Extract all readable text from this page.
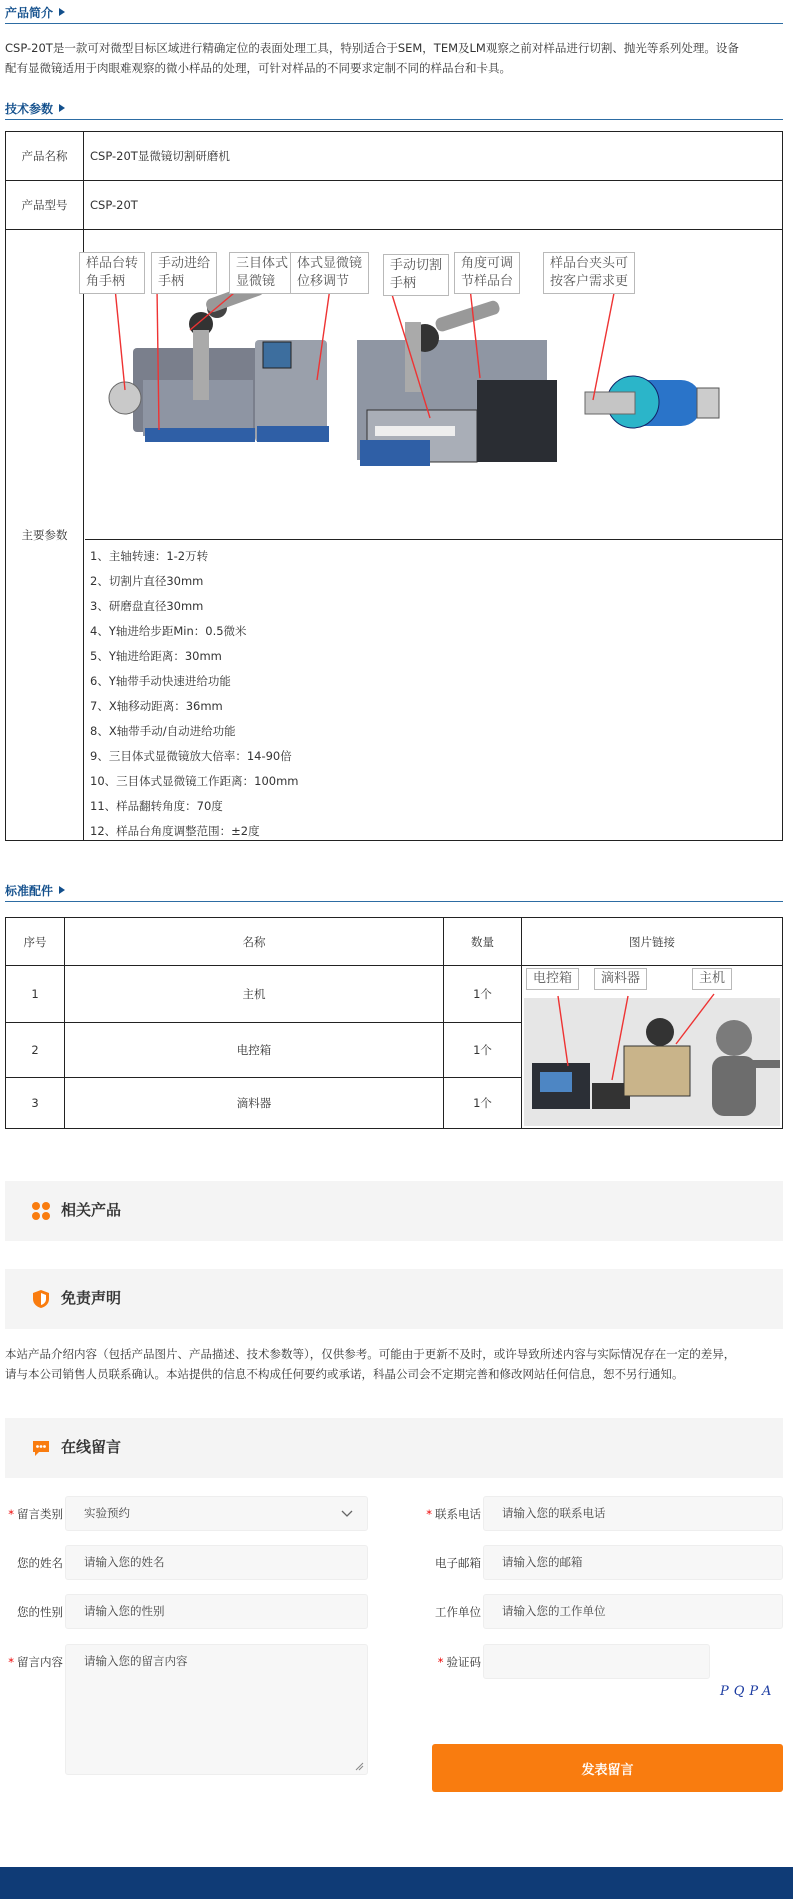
产品简介
CSP-20T是一款可对微型目标区域进行精确定位的表面处理工具，特别适合于SEM，TEM及LM观察之前对样品进行切割、抛光等系列处理。设备
配有显微镜适用于肉眼难观察的微小样品的处理，可针对样品的不同要求定制不同的样品台和卡具。
技术参数
产品名称	CSP-20T显微镜切割研磨机
产品型号	CSP-20T
主要参数
样品台转
角手柄
手动进给
手柄
三目体式
显微镜
体式显微镜
位移调节
手动切割
手柄
角度可调
节样品台
样品台夹头可
按客户需求更
1、主轴转速：1-2万转
2、切割片直径30mm
3、研磨盘直径30mm
4、Y轴进给步距Min：0.5微米
5、Y轴进给距离：30mm
6、Y轴带手动快速进给功能
7、X轴移动距离：36mm
8、X轴带手动/自动进给功能
9、三目体式显微镜放大倍率：14-90倍
10、三目体式显微镜工作距离：100mm
11、样品翻转角度：70度
12、样品台角度调整范围：±2度
标准配件
序号	名称	数量	图片链接
1	主机	1个
2	电控箱	1个
3	滴料器	1个
电控箱	滴料器	主机
相关产品
免责声明
本站产品介绍内容（包括产品图片、产品描述、技术参数等），仅供参考。可能由于更新不及时，或许导致所述内容与实际情况存在一定的差异，
请与本公司销售人员联系确认。本站提供的信息不构成任何要约或承诺，科晶公司会不定期完善和修改网站任何信息，恕不另行通知。
在线留言
* 留言类别	实验预约	* 联系电话	请输入您的联系电话
您的姓名	请输入您的姓名	电子邮箱	请输入您的邮箱
您的性别	请输入您的性别	工作单位	请输入您的工作单位
* 留言内容	请输入您的留言内容	* 验证码
PQPA
发表留言
